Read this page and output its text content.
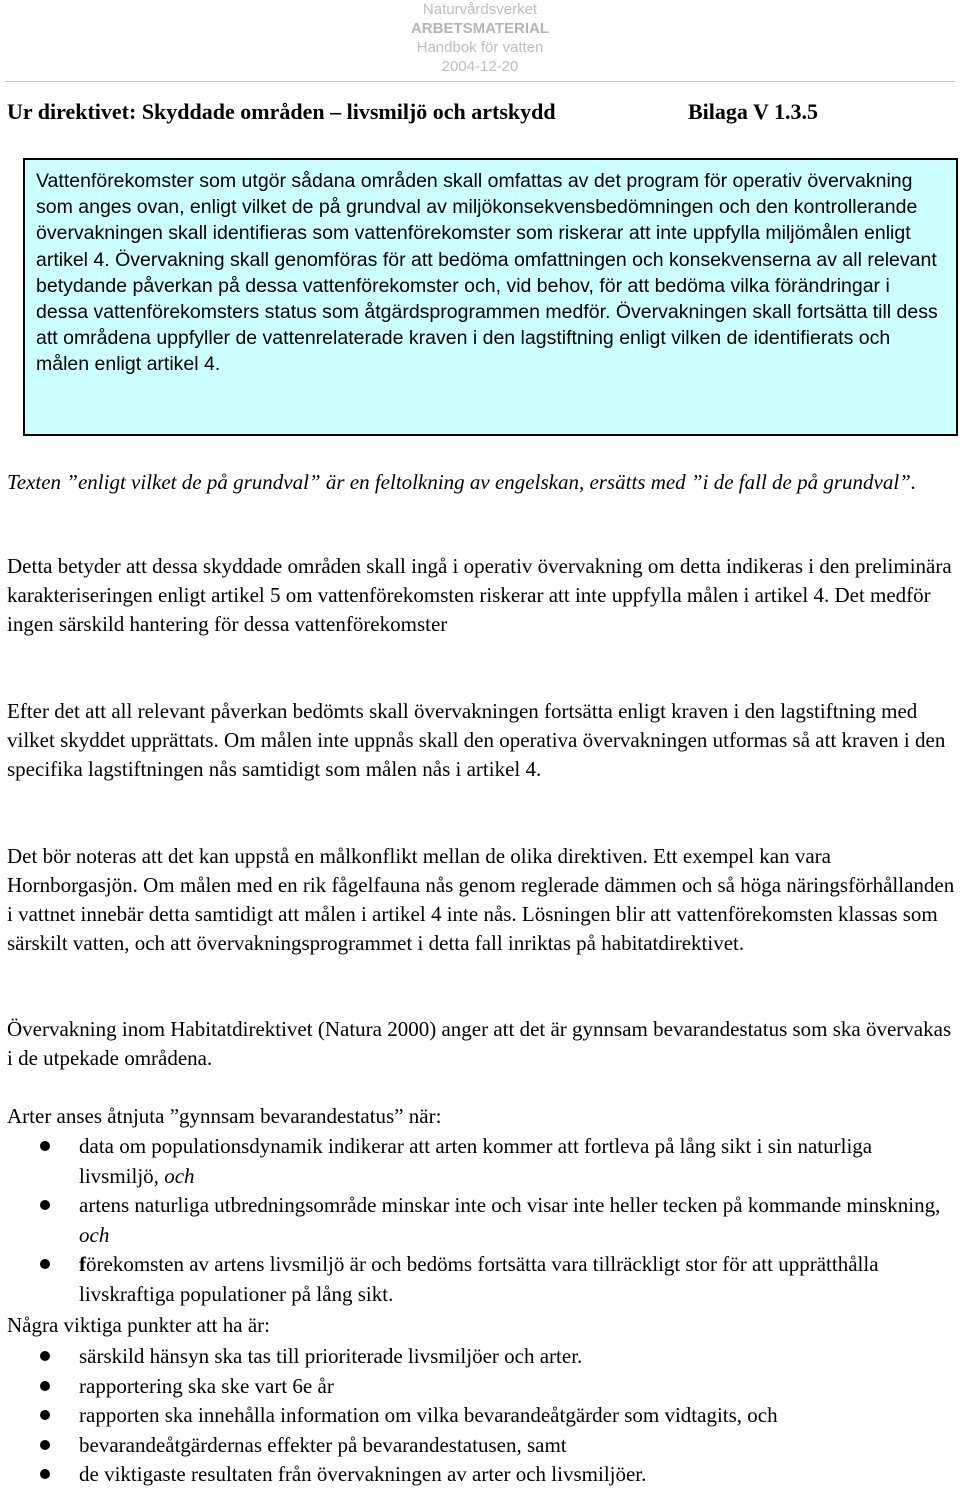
Naturvårdsverket
ARBETSMATERIAL
Handbok för vatten
2004-12-20
Ur direktivet: Skyddade områden – livsmiljö och artskydd	Bilaga V 1.3.5
Vattenförekomster som utgör sådana områden skall omfattas av det program för operativ övervakning som anges ovan, enligt vilket de på grundval av miljökonsekvensbedömningen och den kontrollerande övervakningen skall identifieras som vattenförekomster som riskerar att inte uppfylla miljömålen enligt artikel 4. Övervakning skall genomföras för att bedöma omfattningen och konsekvenserna av all relevant betydande påverkan på dessa vattenförekomster och, vid behov, för att bedöma vilka förändringar i dessa vattenförekomsters status som åtgärdsprogrammen medför. Övervakningen skall fortsätta till dess att områdena uppfyller de vattenrelaterade kraven i den lagstiftning enligt vilken de identifierats och målen enligt artikel 4.
Texten ”enligt vilket de på grundval” är en feltolkning av engelskan, ersätts med ”i de fall de på grundval”.
Detta betyder att dessa skyddade områden skall ingå i operativ övervakning om detta indikeras i den preliminära karakteriseringen enligt artikel 5 om vattenförekomsten riskerar att inte uppfylla målen i artikel 4. Det medför ingen särskild hantering för dessa vattenförekomster
Efter det att all relevant påverkan bedömts skall övervakningen fortsätta enligt kraven i den lagstiftning med vilket skyddet upprättats. Om målen inte uppnås skall den operativa övervakningen utformas så att kraven i den specifika lagstiftningen nås samtidigt som målen nås i artikel 4.
Det bör noteras att det kan uppstå en målkonflikt mellan de olika direktiven. Ett exempel kan vara Hornborgasjön. Om målen med en rik fågelfauna nås genom reglerade dämmen och så höga näringsförhållanden i vattnet innebär detta samtidigt att målen i artikel 4 inte nås. Lösningen blir att vattenförekomsten klassas som särskilt vatten, och att övervakningsprogrammet i detta fall inriktas på habitatdirektivet.
Övervakning inom Habitatdirektivet (Natura 2000) anger att det är gynnsam bevarandestatus som ska övervakas i de utpekade områdena.
Arter anses åtnjuta ”gynnsam bevarandestatus” när:
data om populationsdynamik indikerar att arten kommer att fortleva på lång sikt i sin naturliga livsmiljö, och
artens naturliga utbredningsområde minskar inte och visar inte heller tecken på kommande minskning, och
förekomsten av artens livsmiljö är och bedöms fortsätta vara tillräckligt stor för att upprätthålla livskraftiga populationer på lång sikt.
Några viktiga punkter att ha är:
särskild hänsyn ska tas till prioriterade livsmiljöer och arter.
rapportering ska ske vart 6e år
rapporten ska innehålla information om vilka bevarandeåtgärder som vidtagits, och
bevarandeåtgärdernas effekter på bevarandestatusen, samt
de viktigaste resultaten från övervakningen av arter och livsmiljöer.
